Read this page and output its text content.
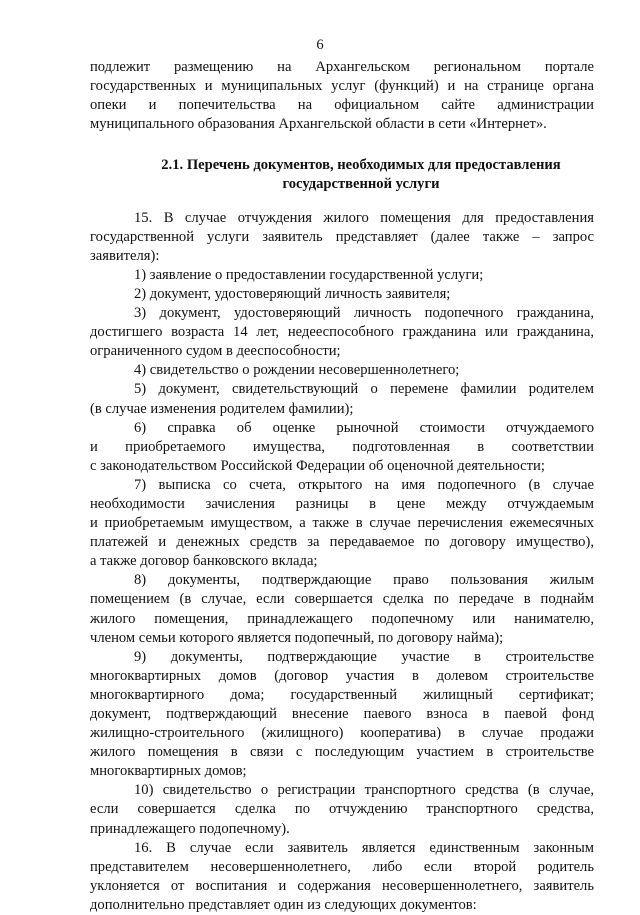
6
подлежит размещению на Архангельском региональном портале
государственных и муниципальных услуг (функций) и на странице органа
опеки и попечительства на официальном сайте администрации
муниципального образования Архангельской области в сети «Интернет».
2.1. Перечень документов, необходимых для предоставления
государственной услуги
15. В случае отчуждения жилого помещения для предоставления
государственной услуги заявитель представляет (далее также – запрос
заявителя):
1) заявление о предоставлении государственной услуги;
2) документ, удостоверяющий личность заявителя;
3) документ, удостоверяющий личность подопечного гражданина,
достигшего возраста 14 лет, недееспособного гражданина или гражданина,
ограниченного судом в дееспособности;
4) свидетельство о рождении несовершеннолетнего;
5) документ, свидетельствующий о перемене фамилии родителем
(в случае изменения родителем фамилии);
6) справка об оценке рыночной стоимости отчуждаемого
и приобретаемого имущества, подготовленная в соответствии
с законодательством Российской Федерации об оценочной деятельности;
7) выписка со счета, открытого на имя подопечного (в случае
необходимости зачисления разницы в цене между отчуждаемым
и приобретаемым имуществом, а также в случае перечисления ежемесячных
платежей и денежных средств за передаваемое по договору имущество),
а также договор банковского вклада;
8) документы, подтверждающие право пользования жилым
помещением (в случае, если совершается сделка по передаче в поднайм
жилого помещения, принадлежащего подопечному или нанимателю,
членом семьи которого является подопечный, по договору найма);
9) документы, подтверждающие участие в строительстве
многоквартирных домов (договор участия в долевом строительстве
многоквартирного дома; государственный жилищный сертификат;
документ, подтверждающий внесение паевого взноса в паевой фонд
жилищно-строительного (жилищного) кооператива) в случае продажи
жилого помещения в связи с последующим участием в строительстве
многоквартирных домов;
10) свидетельство о регистрации транспортного средства (в случае,
если совершается сделка по отчуждению транспортного средства,
принадлежащего подопечному).
16. В случае если заявитель является единственным законным
представителем несовершеннолетнего, либо если второй родитель
уклоняется от воспитания и содержания несовершеннолетнего, заявитель
дополнительно представляет один из следующих документов:
